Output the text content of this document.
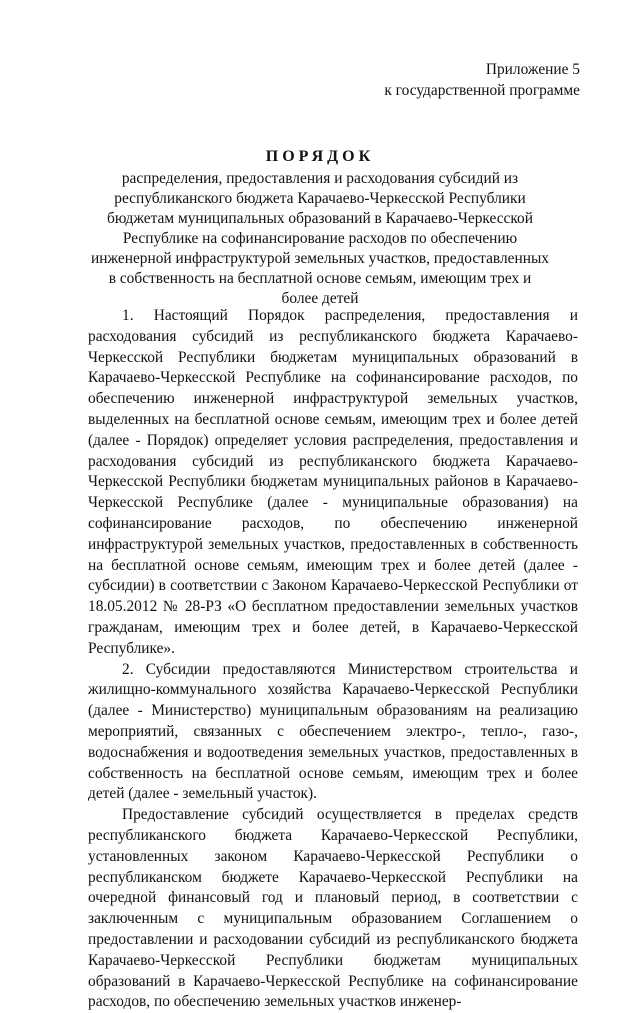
Приложение 5
к государственной программе
ПОРЯДОК
распределения, предоставления и расходования субсидий из республиканского бюджета Карачаево-Черкесской Республики бюджетам муниципальных образований в Карачаево-Черкесской Республике на софинансирование расходов по обеспечению инженерной инфраструктурой земельных участков, предоставленных в собственность на бесплатной основе семьям, имеющим трех и более детей

1. Настоящий Порядок распределения, предоставления и расходования субсидий из республиканского бюджета Карачаево-Черкесской Республики бюджетам муниципальных образований в Карачаево-Черкесской Республике на софинансирование расходов, по обеспечению инженерной инфраструктурой земельных участков, выделенных на бесплатной основе семьям, имеющим трех и более детей (далее - Порядок) определяет условия распределения, предоставления и расходования субсидий из республиканского бюджета Карачаево-Черкесской Республики бюджетам муниципальных районов в Карачаево-Черкесской Республике (далее - муниципальные образования) на софинансирование расходов, по обеспечению инженерной инфраструктурой земельных участков, предоставленных в собственность на бесплатной основе семьям, имеющим трех и более детей (далее - субсидии) в соответствии с Законом Карачаево-Черкесской Республики от 18.05.2012 № 28-РЗ «О бесплатном предоставлении земельных участков гражданам, имеющим трех и более детей, в Карачаево-Черкесской Республике».

2. Субсидии предоставляются Министерством строительства и жилищно-коммунального хозяйства Карачаево-Черкесской Республики (далее - Министерство) муниципальным образованиям на реализацию мероприятий, связанных с обеспечением электро-, тепло-, газо-, водоснабжения и водоотведения земельных участков, предоставленных в собственность на бесплатной основе семьям, имеющим трех и более детей (далее - земельный участок).

Предоставление субсидий осуществляется в пределах средств республиканского бюджета Карачаево-Черкесской Республики, установленных законом Карачаево-Черкесской Республики о республиканском бюджете Карачаево-Черкесской Республики на очередной финансовый год и плановый период, в соответствии с заключенным с муниципальным образованием Соглашением о предоставлении и расходовании субсидий из республиканского бюджета Карачаево-Черкесской Республики бюджетам муниципальных образований в Карачаево-Черкесской Республике на софинансирование расходов, по обеспечению земельных участков инженер-
